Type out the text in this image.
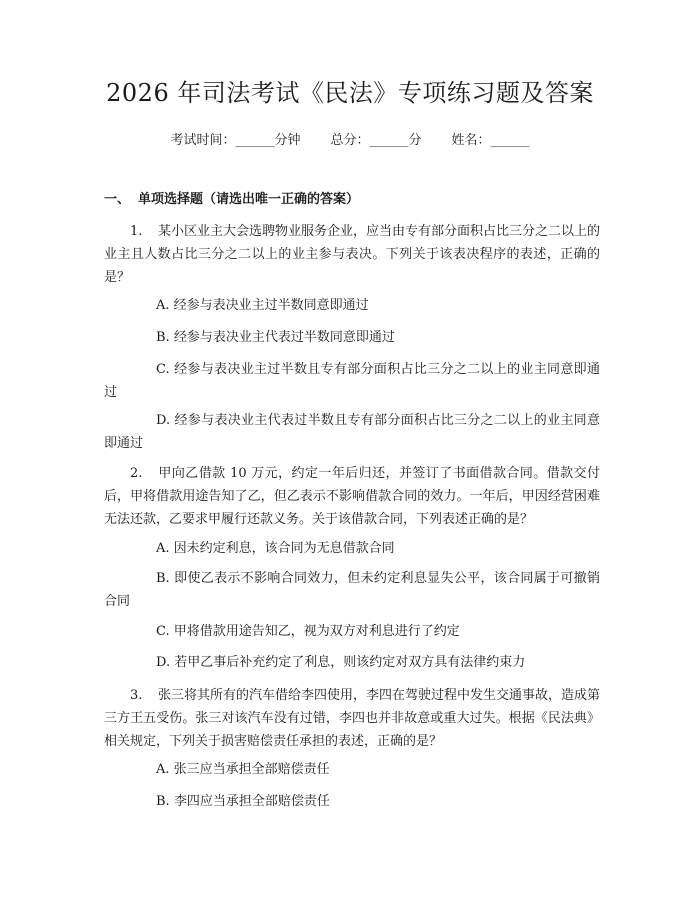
2026 年司法考试《民法》专项练习题及答案
考试时间：______分钟 总分：______分 姓名：______
一、 单项选择题（请选出唯一正确的答案）
1. 某小区业主大会选聘物业服务企业，应当由专有部分面积占比三分之二以上的业主且人数占比三分之二以上的业主参与表决。下列关于该表决程序的表述，正确的是？
A. 经参与表决业主过半数同意即通过
B. 经参与表决业主代表过半数同意即通过
C. 经参与表决业主过半数且专有部分面积占比三分之二以上的业主同意即通过
D. 经参与表决业主代表过半数且专有部分面积占比三分之二以上的业主同意即通过
2. 甲向乙借款 10 万元，约定一年后归还，并签订了书面借款合同。借款交付后，甲将借款用途告知了乙，但乙表示不影响借款合同的效力。一年后，甲因经营困难无法还款，乙要求甲履行还款义务。关于该借款合同，下列表述正确的是？
A. 因未约定利息，该合同为无息借款合同
B. 即使乙表示不影响合同效力，但未约定利息显失公平，该合同属于可撤销合同
C. 甲将借款用途告知乙，视为双方对利息进行了约定
D. 若甲乙事后补充约定了利息，则该约定对双方具有法律约束力
3. 张三将其所有的汽车借给李四使用，李四在驾驶过程中发生交通事故，造成第三方王五受伤。张三对该汽车没有过错，李四也并非故意或重大过失。根据《民法典》相关规定，下列关于损害赔偿责任承担的表述，正确的是？
A. 张三应当承担全部赔偿责任
B. 李四应当承担全部赔偿责任
